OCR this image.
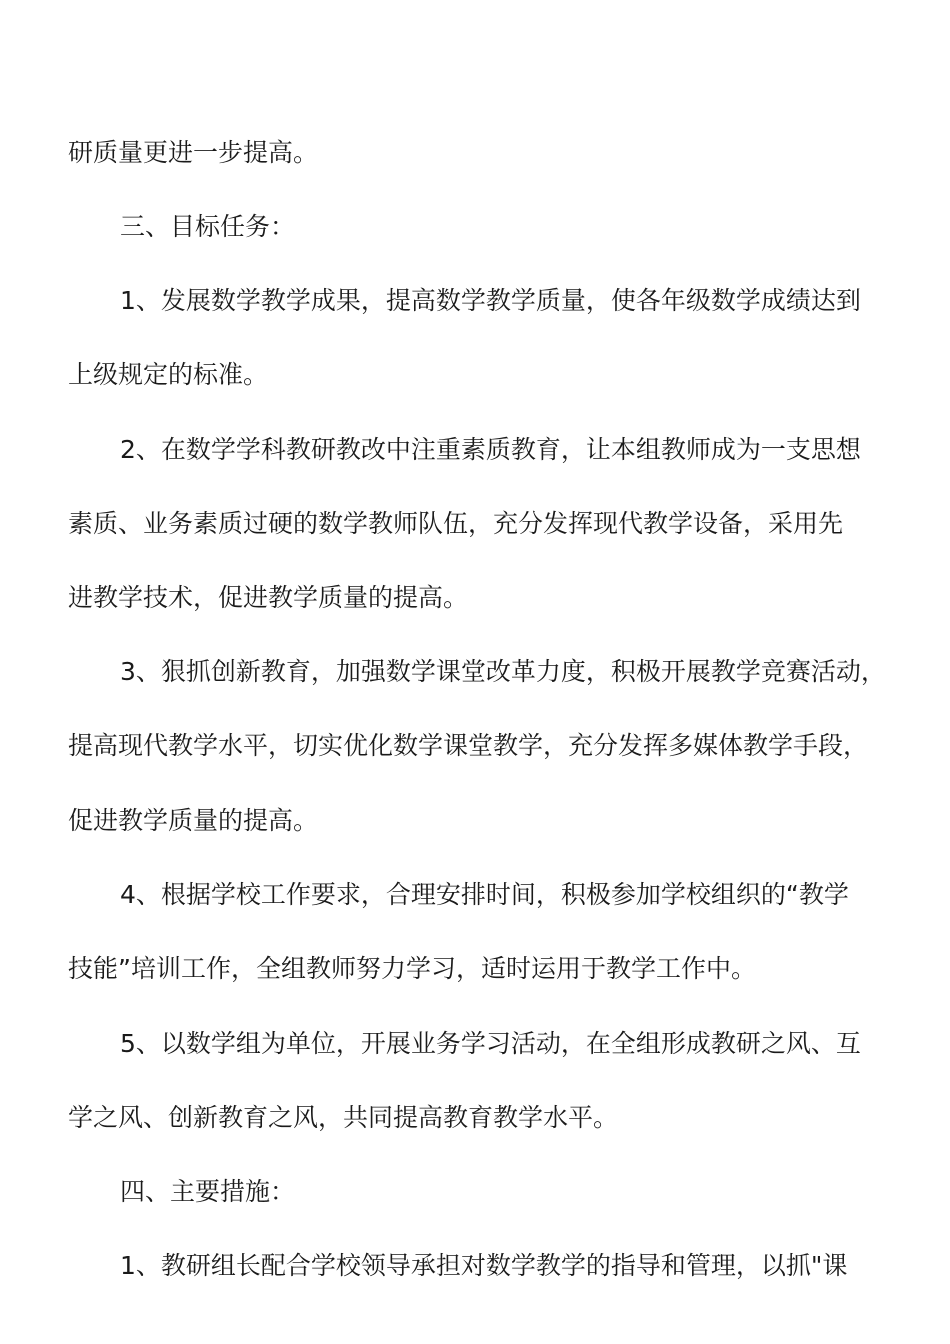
研质量更进一步提高。
三、目标任务：
1、发展数学教学成果，提高数学教学质量，使各年级数学成绩达到
上级规定的标准。
2、在数学学科教研教改中注重素质教育，让本组教师成为一支思想
素质、业务素质过硬的数学教师队伍，充分发挥现代教学设备，采用先
进教学技术，促进教学质量的提高。
3、狠抓创新教育，加强数学课堂改革力度，积极开展教学竞赛活动，
提高现代教学水平，切实优化数学课堂教学，充分发挥多媒体教学手段，
促进教学质量的提高。
4、根据学校工作要求，合理安排时间，积极参加学校组织的“教学
技能”培训工作，全组教师努力学习，适时运用于教学工作中。
5、以数学组为单位，开展业务学习活动，在全组形成教研之风、互
学之风、创新教育之风，共同提高教育教学水平。
四、主要措施：
1、教研组长配合学校领导承担对数学教学的指导和管理，以抓"课
